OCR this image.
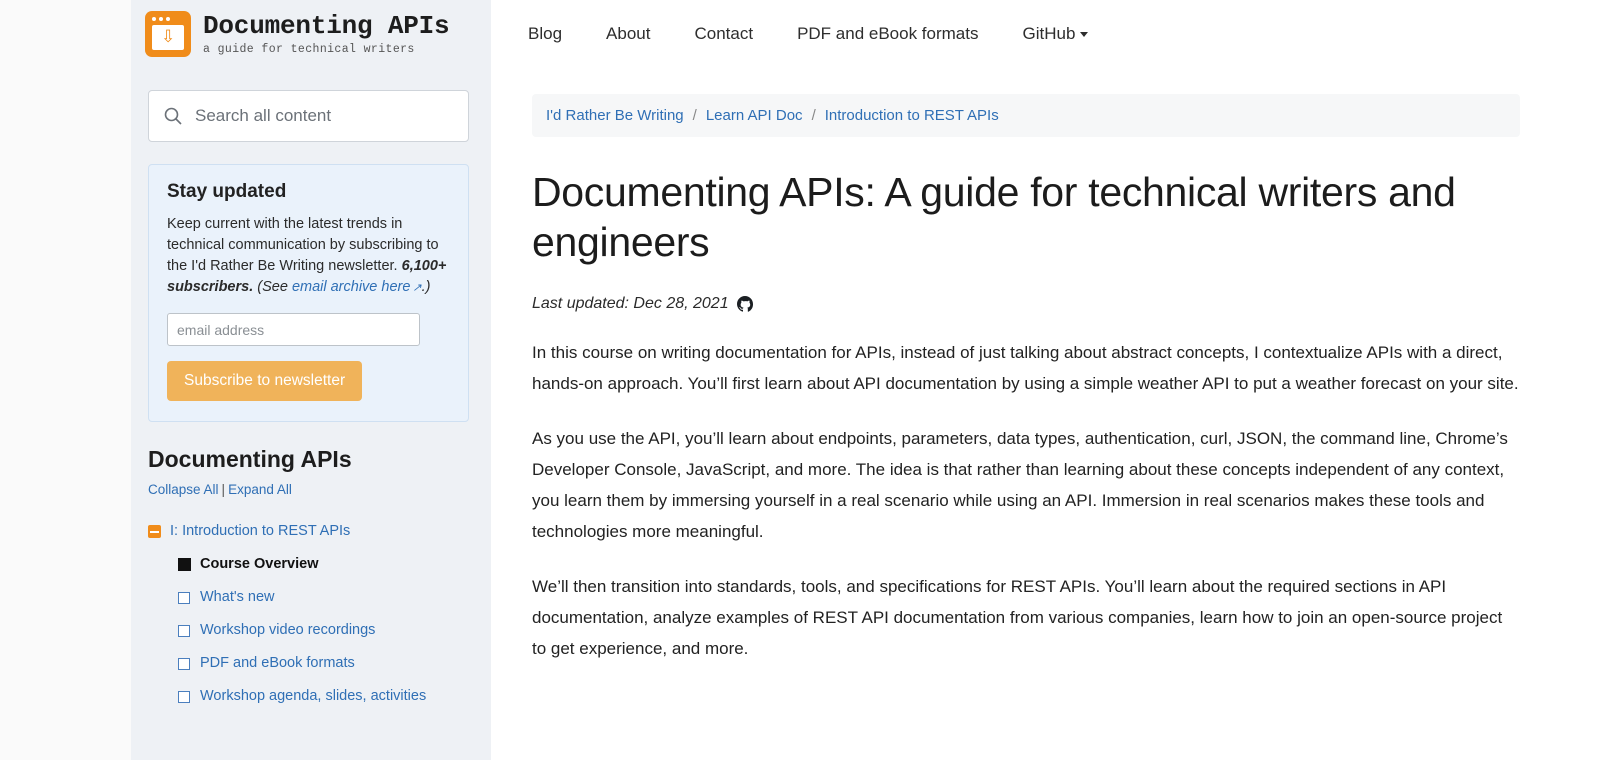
⇩ Documenting APIs
a guide for technical writers
Blog	About	Contact	PDF and eBook formats	GitHub
Search all content
Stay updated
Keep current with the latest trends in technical communication by subscribing to the I'd Rather Be Writing newsletter. 6,100+ subscribers. (See email archive here ↗︎.)
email address
Subscribe to newsletter
Documenting APIs
Collapse All | Expand All
I: Introduction to REST APIs
Course Overview
What's new
Workshop video recordings
PDF and eBook formats
Workshop agenda, slides, activities
I'd Rather Be Writing / Learn API Doc / Introduction to REST APIs
Documenting APIs: A guide for technical writers and engineers
Last updated: Dec 28, 2021

In this course on writing documentation for APIs, instead of just talking about abstract concepts, I contextualize APIs with a direct, hands-on approach. You’ll first learn about API documentation by using a simple weather API to put a weather forecast on your site.

As you use the API, you’ll learn about endpoints, parameters, data types, authentication, curl, JSON, the command line, Chrome’s Developer Console, JavaScript, and more. The idea is that rather than learning about these concepts independent of any context, you learn them by immersing yourself in a real scenario while using an API. Immersion in real scenarios makes these tools and technologies more meaningful.

We’ll then transition into standards, tools, and specifications for REST APIs. You’ll learn about the required sections in API documentation, analyze examples of REST API documentation from various companies, learn how to join an open-source project to get experience, and more.
